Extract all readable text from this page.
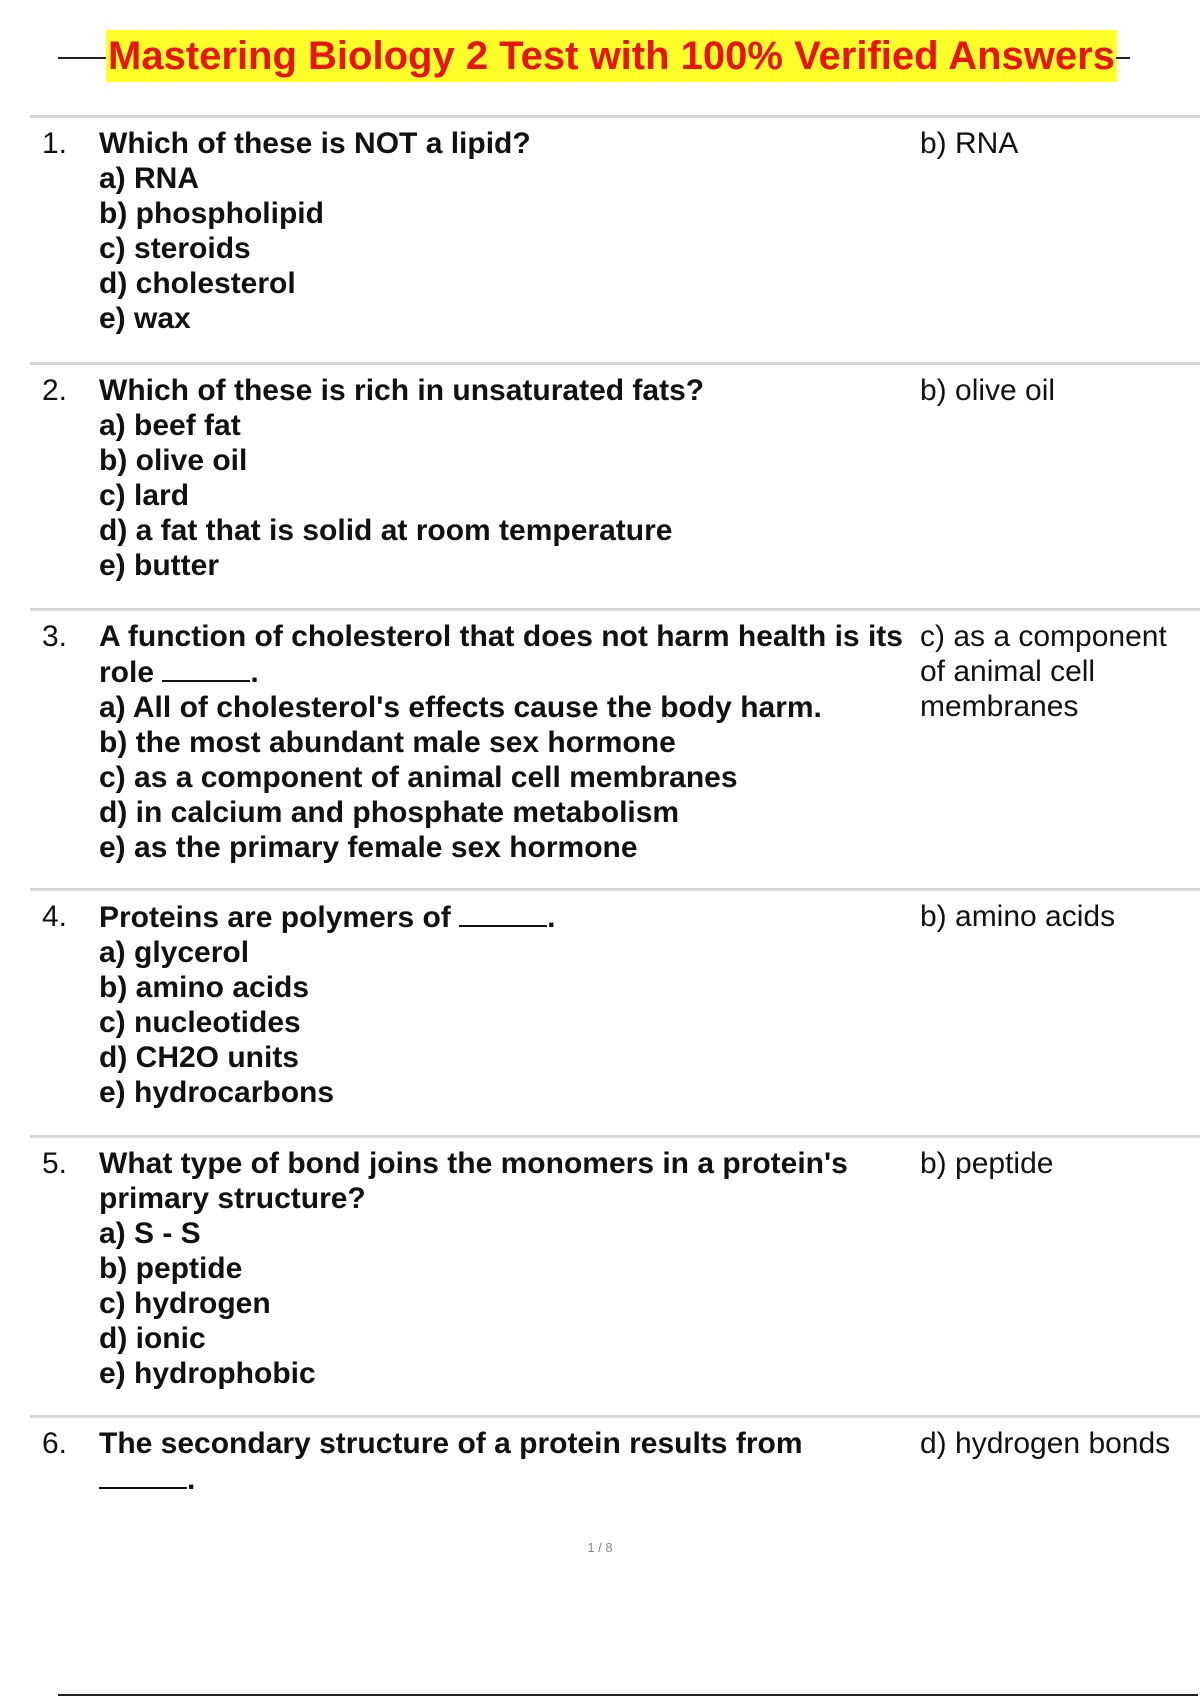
Mastering Biology 2 Test with 100% Verified Answers
1. Which of these is NOT a lipid?
a) RNA
b) phospholipid
c) steroids
d) cholesterol
e) wax
b) RNA
2. Which of these is rich in unsaturated fats?
a) beef fat
b) olive oil
c) lard
d) a fat that is solid at room temperature
e) butter
b) olive oil
3. A function of cholesterol that does not harm health is its role	.
a) All of cholesterol's effects cause the body harm.
b) the most abundant male sex hormone
c) as a component of animal cell membranes
d) in calcium and phosphate metabolism
e) as the primary female sex hormone
c) as a component of animal cell membranes
4. Proteins are polymers of	.
a) glycerol
b) amino acids
c) nucleotides
d) CH2O units
e) hydrocarbons
b) amino acids
5. What type of bond joins the monomers in a protein's primary structure?
a) S - S
b) peptide
c) hydrogen
d) ionic
e) hydrophobic
b) peptide
6. The secondary structure of a protein results from .
d) hydrogen bonds
1 / 8
